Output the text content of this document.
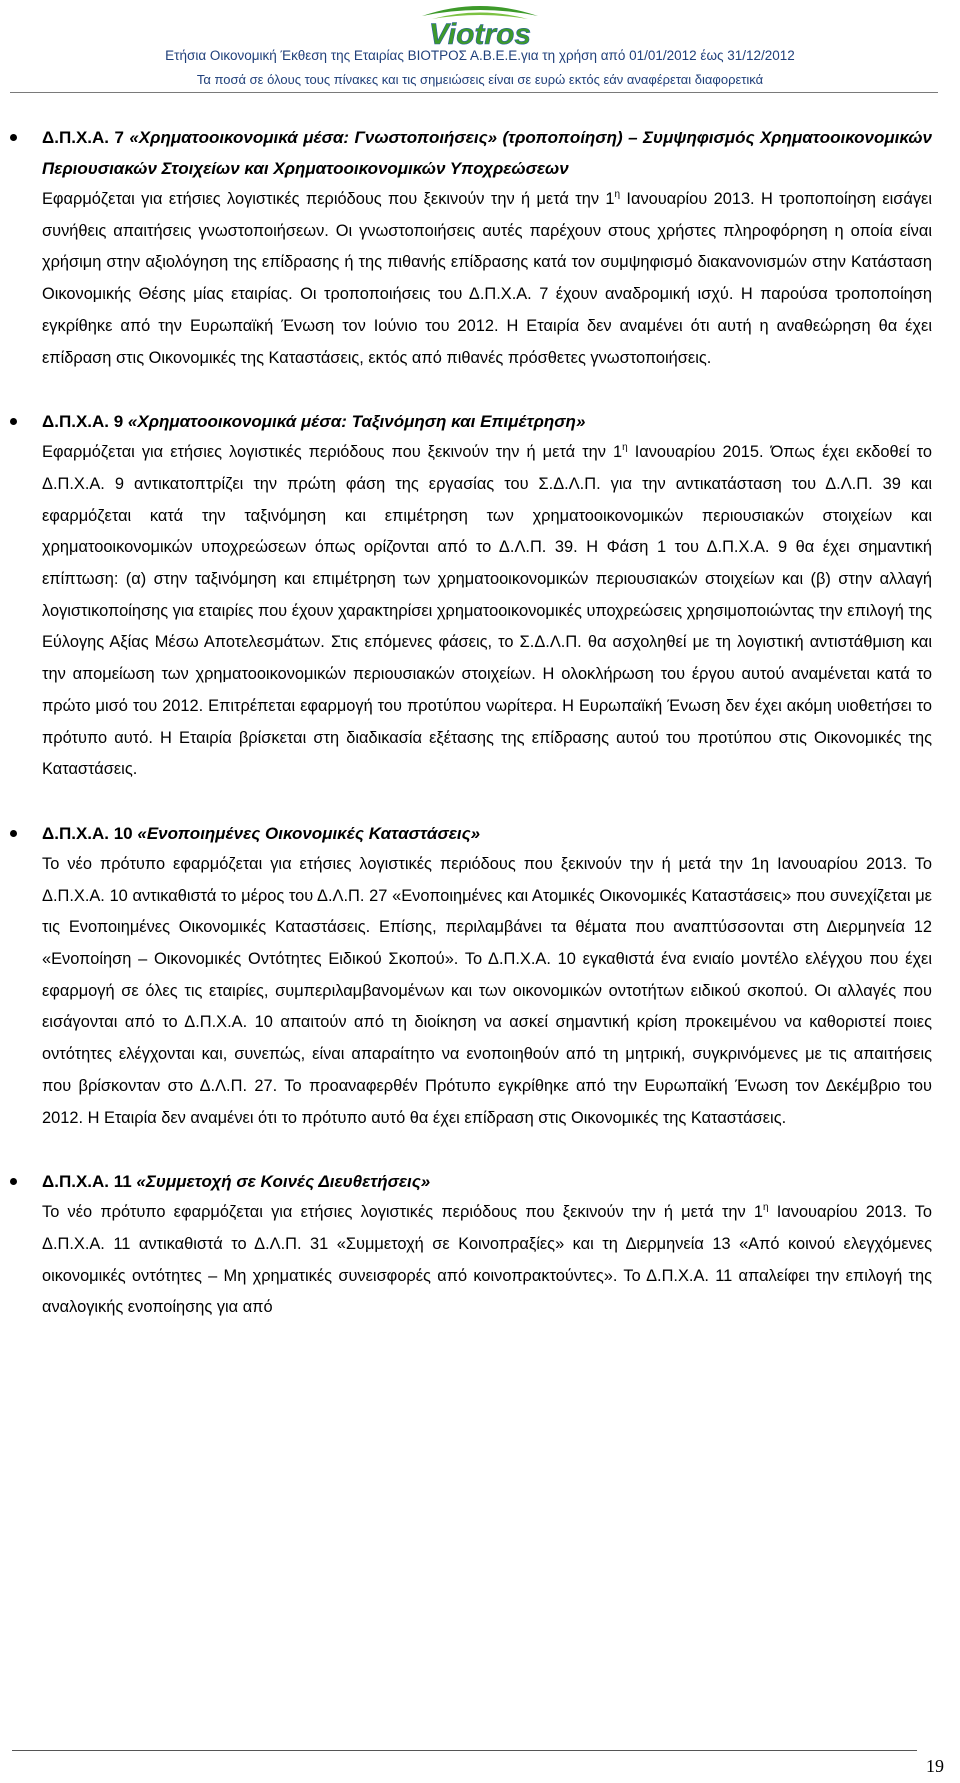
Viotros
Ετήσια Οικονομική Έκθεση της Εταιρίας ΒΙΟΤΡΟΣ Α.Β.Ε.Ε.για τη χρήση από 01/01/2012 έως 31/12/2012
Τα ποσά σε όλους τους πίνακες και τις σημειώσεις είναι σε ευρώ εκτός εάν αναφέρεται διαφορετικά
Δ.Π.Χ.Α. 7 «Χρηματοοικονομικά μέσα: Γνωστοποιήσεις» (τροποποίηση) – Συμψηφισμός Χρηματοοικονομικών Περιουσιακών Στοιχείων και Χρηματοοικονομικών Υποχρεώσεων

Εφαρμόζεται για ετήσιες λογιστικές περιόδους που ξεκινούν την ή μετά την $1^\eta$ Ιανουαρίου 2013. Η τροποποίηση εισάγει συνήθεις απαιτήσεις γνωστοποιήσεων. Οι γνωστοποιήσεις αυτές παρέχουν στους χρήστες πληροφόρηση η οποία είναι χρήσιμη στην αξιολόγηση της επίδρασης ή της πιθανής επίδρασης κατά τον συμψηφισμό διακανονισμών στην Κατάσταση Οικονομικής Θέσης μίας εταιρίας. Οι τροποποιήσεις του Δ.Π.Χ.Α. 7 έχουν αναδρομική ισχύ. Η παρούσα τροποποίηση εγκρίθηκε από την Ευρωπαϊκή Ένωση τον Ιούνιο του 2012. Η Εταιρία δεν αναμένει ότι αυτή η αναθεώρηση θα έχει επίδραση στις Οικονομικές της Καταστάσεις, εκτός από πιθανές πρόσθετες γνωστοποιήσεις.

Δ.Π.Χ.Α. 9 «Χρηματοοικονομικά μέσα: Ταξινόμηση και Επιμέτρηση»

Εφαρμόζεται για ετήσιες λογιστικές περιόδους που ξεκινούν την ή μετά την $1^\eta$ Ιανουαρίου 2015. Όπως έχει εκδοθεί το Δ.Π.Χ.Α. 9 αντικατοπτρίζει την πρώτη φάση της εργασίας του Σ.Δ.Λ.Π. για την αντικατάσταση του Δ.Λ.Π. 39 και εφαρμόζεται κατά την ταξινόμηση και επιμέτρηση των χρηματοοικονομικών περιουσιακών στοιχείων και χρηματοοικονομικών υποχρεώσεων όπως ορίζονται από το Δ.Λ.Π. 39. Η Φάση 1 του Δ.Π.Χ.Α. 9 θα έχει σημαντική επίπτωση: (α) στην ταξινόμηση και επιμέτρηση των χρηματοοικονομικών περιουσιακών στοιχείων και (β) στην αλλαγή λογιστικοποίησης για εταιρίες που έχουν χαρακτηρίσει χρηματοοικονομικές υποχρεώσεις χρησιμοποιώντας την επιλογή της Εύλογης Αξίας Μέσω Αποτελεσμάτων. Στις επόμενες φάσεις, το Σ.Δ.Λ.Π. θα ασχοληθεί με τη λογιστική αντιστάθμιση και την απομείωση των χρηματοοικονομικών περιουσιακών στοιχείων. Η ολοκλήρωση του έργου αυτού αναμένεται κατά το πρώτο μισό του 2012. Επιτρέπεται εφαρμογή του προτύπου νωρίτερα. Η Ευρωπαϊκή Ένωση δεν έχει ακόμη υιοθετήσει το πρότυπο αυτό. Η Εταιρία βρίσκεται στη διαδικασία εξέτασης της επίδρασης αυτού του προτύπου στις Οικονομικές της Καταστάσεις.

Δ.Π.Χ.Α. 10 «Ενοποιημένες Οικονομικές Καταστάσεις»

Το νέο πρότυπο εφαρμόζεται για ετήσιες λογιστικές περιόδους που ξεκινούν την ή μετά την 1η Ιανουαρίου 2013. Το Δ.Π.Χ.Α. 10 αντικαθιστά το μέρος του Δ.Λ.Π. 27 «Ενοποιημένες και Ατομικές Οικονομικές Καταστάσεις» που συνεχίζεται με τις Ενοποιημένες Οικονομικές Καταστάσεις. Επίσης, περιλαμβάνει τα θέματα που αναπτύσσονται στη Διερμηνεία 12 «Ενοποίηση – Οικονομικές Οντότητες Ειδικού Σκοπού». Το Δ.Π.Χ.Α. 10 εγκαθιστά ένα ενιαίο μοντέλο ελέγχου που έχει εφαρμογή σε όλες τις εταιρίες, συμπεριλαμβανομένων και των οικονομικών οντοτήτων ειδικού σκοπού. Οι αλλαγές που εισάγονται από το Δ.Π.Χ.Α. 10 απαιτούν από τη διοίκηση να ασκεί σημαντική κρίση προκειμένου να καθοριστεί ποιες οντότητες ελέγχονται και, συνεπώς, είναι απαραίτητο να ενοποιηθούν από τη μητρική, συγκρινόμενες με τις απαιτήσεις που βρίσκονταν στο Δ.Λ.Π. 27. Το προαναφερθέν Πρότυπο εγκρίθηκε από την Ευρωπαϊκή Ένωση τον Δεκέμβριο του 2012. Η Εταιρία δεν αναμένει ότι το πρότυπο αυτό θα έχει επίδραση στις Οικονομικές της Καταστάσεις.

Δ.Π.Χ.Α. 11 «Συμμετοχή σε Κοινές Διευθετήσεις»

Το νέο πρότυπο εφαρμόζεται για ετήσιες λογιστικές περιόδους που ξεκινούν την ή μετά την $1^\eta$ Ιανουαρίου 2013. Το Δ.Π.Χ.Α. 11 αντικαθιστά το Δ.Λ.Π. 31 «Συμμετοχή σε Κοινοπραξίες» και τη Διερμηνεία 13 «Από κοινού ελεγχόμενες οικονομικές οντότητες – Μη χρηματικές συνεισφορές από κοινοπρακτούντες». Το Δ.Π.Χ.Α. 11 απαλείφει την επιλογή της αναλογικής ενοποίησης για από

19
